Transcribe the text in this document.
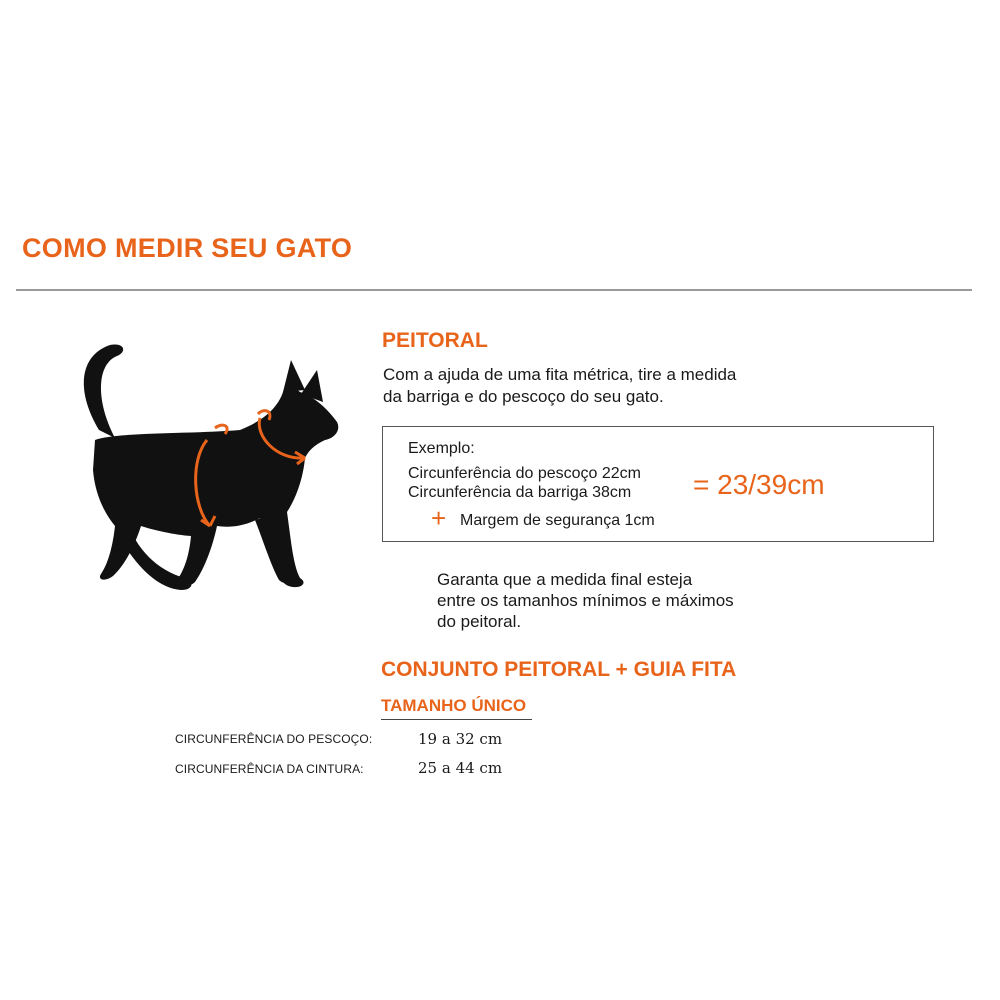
COMO MEDIR SEU GATO
PEITORAL
Com a ajuda de uma fita métrica, tire a medida
da barriga e do pescoço do seu gato.
Exemplo:
Circunferência do pescoço 22cm
Circunferência da barriga 38cm
+ Margem de segurança 1cm
= 23/39cm
Garanta que a medida final esteja
entre os tamanhos mínimos e máximos
do peitoral.
CONJUNTO PEITORAL + GUIA FITA
TAMANHO ÚNICO
CIRCUNFERÊNCIA DO PESCOÇO:	19 a 32 cm
CIRCUNFERÊNCIA DA CINTURA:	25 a 44 cm
